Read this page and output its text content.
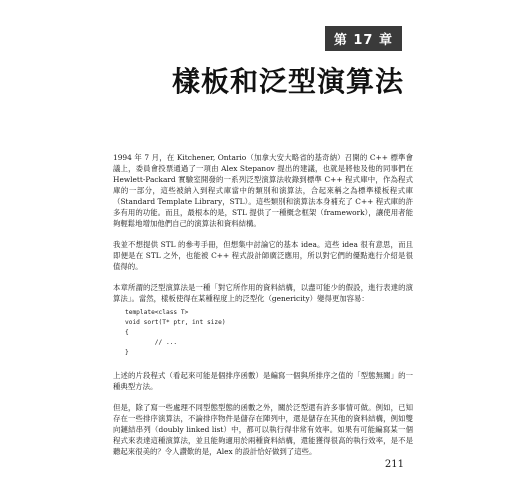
第 17 章
樣板和泛型演算法

1994 年 7 月，在 Kitchener, Ontario（加拿大安大略省的基奇納）召開的 C++ 標準會議上，委員會投票通過了一項由 Alex Stepanov 提出的建議，也就是將他及他的同事們在 Hewlett-Packard 實驗室開發的一系列泛型演算法收錄到標準 C++ 程式庫中，作為程式庫的一部分，這些被納入到程式庫當中的類別和演算法，合起來稱之為標準樣板程式庫（Standard Template Library，STL）。這些類別和演算法本身補充了 C++ 程式庫的許多有用的功能。而且，最根本的是，STL 提供了一種概念框架（framework），讓使用者能夠輕鬆地增加他們自己的演算法和資料結構。

我並不想提供 STL 的參考手冊，但想集中討論它的基本 idea。這些 idea 很有意思，而且即便是在 STL 之外，也能被 C++ 程式設計師廣泛應用，所以對它們的優點進行介紹是很值得的。

本章所謂的泛型演算法是一種「對它所作用的資料結構，以盡可能少的假設，進行表達的演算法」。當然，樣板使得在某種程度上的泛型化（genericity）變得更加容易：

template<class T>
void sort(T* ptr, int size)
{
// ...
}

上述的片段程式（看起來可能是個排序函數）是編寫一個與所排序之值的「型態無關」的一種典型方法。

但是，除了寫一些處理不同型態型態的函數之外，關於泛型還有許多事情可做。例如，已知存在一些排序演算法，不論排序物件是儲存在陣列中，還是儲存在其他的資料結構，例如雙向鏈結串列（doubly linked list）中，都可以執行得非常有效率。如果有可能編寫某一個程式來表達這種演算法，並且能夠適用於兩種資料結構，還能獲得很高的執行效率，是不是聽起來很美的？令人讚歎的是，Alex 的設計恰好做到了這些。

211
